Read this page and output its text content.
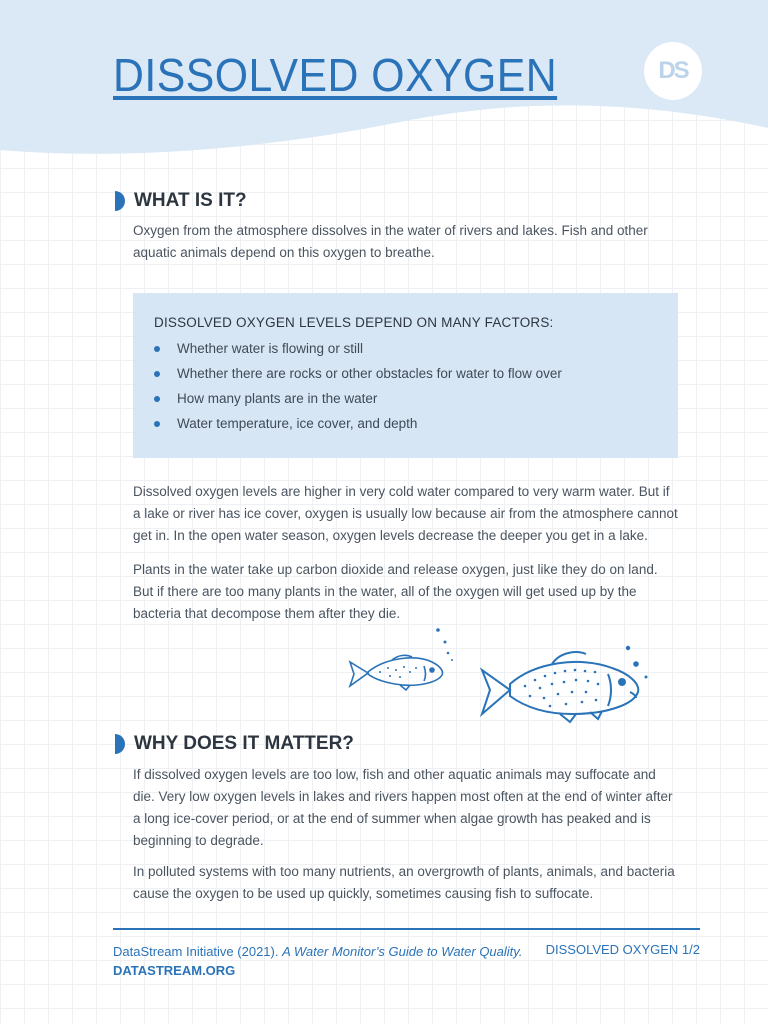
DISSOLVED OXYGEN	DS
WHAT IS IT?

Oxygen from the atmosphere dissolves in the water of rivers and lakes. Fish and other aquatic animals depend on this oxygen to breathe.

DISSOLVED OXYGEN LEVELS DEPEND ON MANY FACTORS:
Whether water is flowing or still
Whether there are rocks or other obstacles for water to flow over
How many plants are in the water
Water temperature, ice cover, and depth

Dissolved oxygen levels are higher in very cold water compared to very warm water. But if a lake or river has ice cover, oxygen is usually low because air from the atmosphere cannot get in. In the open water season, oxygen levels decrease the deeper you get in a lake.

Plants in the water take up carbon dioxide and release oxygen, just like they do on land. But if there are too many plants in the water, all of the oxygen will get used up by the bacteria that decompose them after they die.

WHY DOES IT MATTER?

If dissolved oxygen levels are too low, fish and other aquatic animals may suffocate and die. Very low oxygen levels in lakes and rivers happen most often at the end of winter after a long ice-cover period, or at the end of summer when algae growth has peaked and is beginning to degrade.

In polluted systems with too many nutrients, an overgrowth of plants, animals, and bacteria cause the oxygen to be used up quickly, sometimes causing fish to suffocate.

DataStream Initiative (2021). A Water Monitor’s Guide to Water Quality.
DATASTREAM.ORG
DISSOLVED OXYGEN 1/2
